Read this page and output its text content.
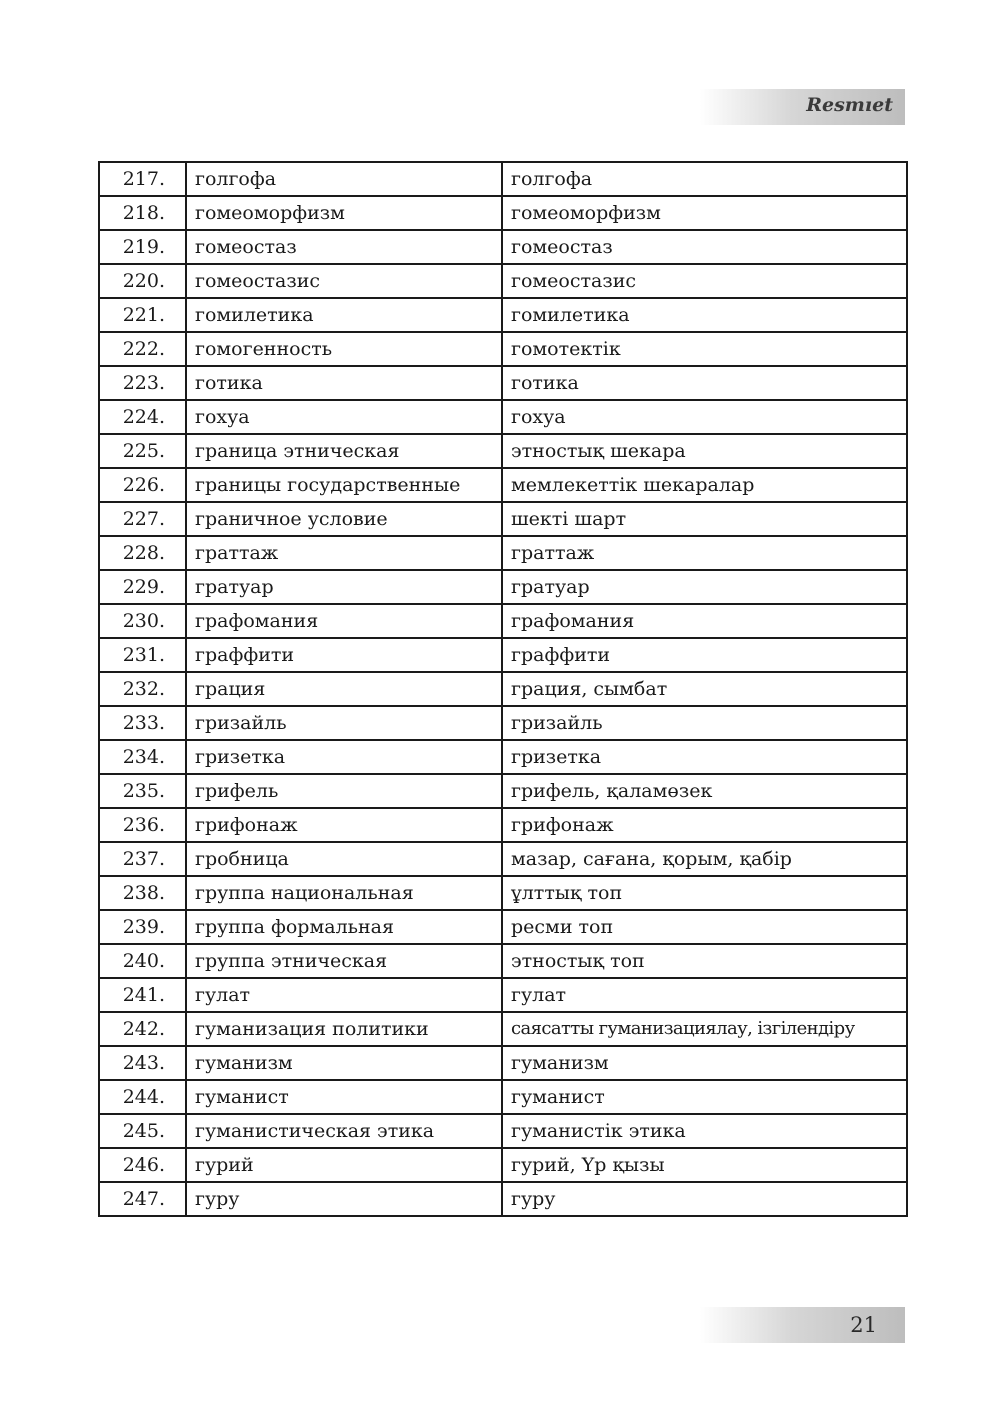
Resmıet
217.	голгофа	голгофа
218.	гомеоморфизм	гомеоморфизм
219.	гомеостаз	гомеостаз
220.	гомеостазис	гомеостазис
221.	гомилетика	гомилетика
222.	гомогенность	гомотектік
223.	готика	готика
224.	гохуа	гохуа
225.	граница этническая	этностық шекара
226.	границы государственные	мемлекеттік шекаралар
227.	граничное условие	шекті шарт
228.	граттаж	граттаж
229.	гратуар	гратуар
230.	графомания	графомания
231.	граффити	граффити
232.	грация	грация, сымбат
233.	гризайль	гризайль
234.	гризетка	гризетка
235.	грифель	грифель, қаламөзек
236.	грифонаж	грифонаж
237.	гробница	мазар, сағана, қорым, қабір
238.	группа национальная	ұлттық топ
239.	группа формальная	ресми топ
240.	группа этническая	этностық топ
241.	гулат	гулат
242.	гуманизация политики	саясатты гуманизациялау, ізгілендіру
243.	гуманизм	гуманизм
244.	гуманист	гуманист
245.	гуманистическая этика	гуманистік этика
246.	гурий	гурий, Үр қызы
247.	гуру	гуру
21
